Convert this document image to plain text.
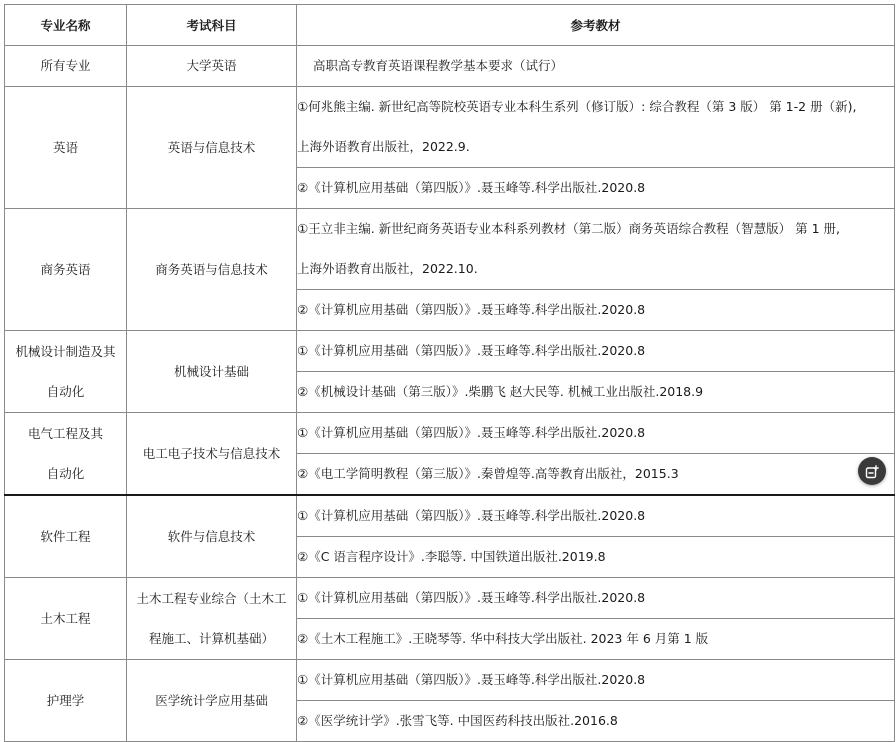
专业名称	考试科目	参考教材

所有专业	大学英语	高职高专教育英语课程教学基本要求（试行）

英语	英语与信息技术	①何兆熊主编. 新世纪高等院校英语专业本科生系列（修订版）: 综合教程（第 3 版） 第 1-2 册（新),
上海外语教育出版社，2022.9.

		②《计算机应用基础（第四版）》.聂玉峰等.科学出版社.2020.8

商务英语	商务英语与信息技术	①王立非主编. 新世纪商务英语专业本科系列教材（第二版）商务英语综合教程（智慧版） 第 1 册,
上海外语教育出版社，2022.10.

		②《计算机应用基础（第四版）》.聂玉峰等.科学出版社.2020.8

机械设计制造及其
自动化	机械设计基础	①《计算机应用基础（第四版）》.聂玉峰等.科学出版社.2020.8

		②《机械设计基础（第三版）》.柴鹏飞 赵大民等. 机械工业出版社.2018.9

电气工程及其
自动化	电工电子技术与信息技术	①《计算机应用基础（第四版）》.聂玉峰等.科学出版社.2020.8

		②《电工学简明教程（第三版）》.秦曾煌等.高等教育出版社，2015.3

软件工程	软件与信息技术	①《计算机应用基础（第四版）》.聂玉峰等.科学出版社.2020.8

		②《C 语言程序设计》.李聪等. 中国铁道出版社.2019.8

土木工程	土木工程专业综合（土木工
程施工、计算机基础）	①《计算机应用基础（第四版）》.聂玉峰等.科学出版社.2020.8

		②《土木工程施工》.王晓琴等. 华中科技大学出版社. 2023 年 6 月第 1 版

护理学	医学统计学应用基础	①《计算机应用基础（第四版）》.聂玉峰等.科学出版社.2020.8

		②《医学统计学》.张雪飞等. 中国医药科技出版社.2016.8
